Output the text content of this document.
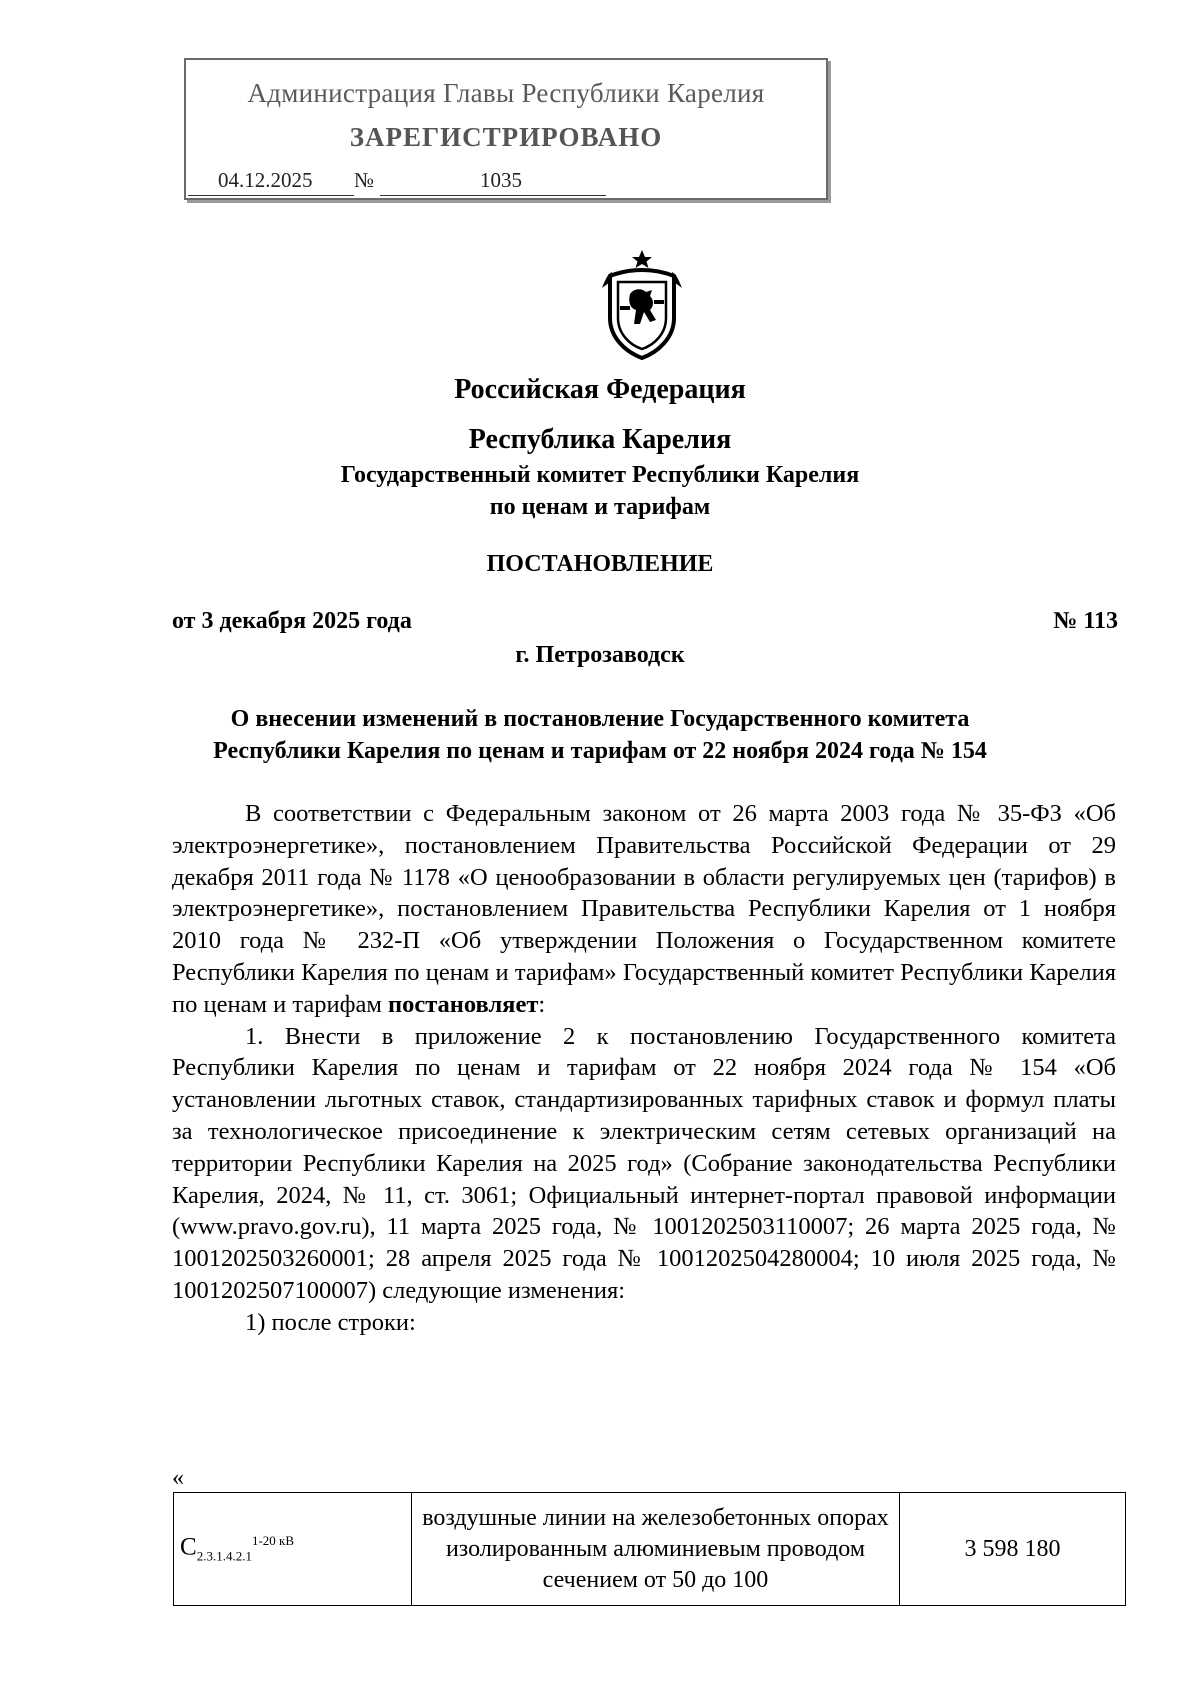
Администрация Главы Республики Карелия
ЗАРЕГИСТРИРОВАНО
04.12.2025	№	1035
Российская Федерация
Республика Карелия
Государственный комитет Республики Карелия
по ценам и тарифам
ПОСТАНОВЛЕНИЕ
от 3 декабря 2025 года	№ 113
г. Петрозаводск
О внесении изменений в постановление Государственного комитета
Республики Карелия по ценам и тарифам от 22 ноября 2024 года № 154

В соответствии с Федеральным законом от 26 марта 2003 года № 35-ФЗ «Об электроэнергетике», постановлением Правительства Российской Федерации от 29 декабря 2011 года № 1178 «О ценообразовании в области регулируемых цен (тарифов) в электроэнергетике», постановлением Правительства Республики Карелия от 1 ноября 2010 года № 232-П «Об утверждении Положения о Государственном комитете Республики Карелия по ценам и тарифам» Государственный комитет Республики Карелия по ценам и тарифам постановляет:

1. Внести в приложение 2 к постановлению Государственного комитета Республики Карелия по ценам и тарифам от 22 ноября 2024 года № 154 «Об установлении льготных ставок, стандартизированных тарифных ставок и формул платы за технологическое присоединение к электрическим сетям сетевых организаций на территории Республики Карелия на 2025 год» (Собрание законодательства Республики Карелия, 2024, № 11, ст. 3061; Официальный интернет-портал правовой информации (www.pravo.gov.ru), 11 марта 2025 года, № 1001202503110007; 26 марта 2025 года, № 1001202503260001; 28 апреля 2025 года № 1001202504280004; 10 июля 2025 года, № 1001202507100007) следующие изменения:

1) после строки:

«
$C_{2.3.1.4.2.1}^{1-20 кВ}$	воздушные линии на железобетонных опорах изолированным алюминиевым проводом сечением от 50 до 100	3 598 180
